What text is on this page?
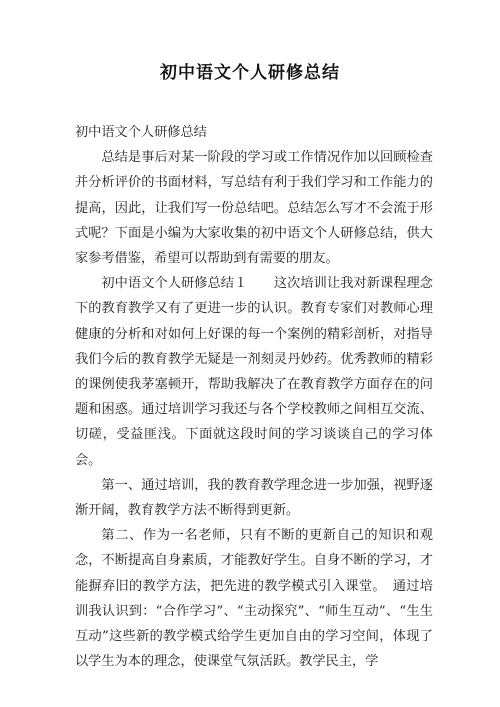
初中语文个人研修总结

初中语文个人研修总结

总结是事后对某一阶段的学习或工作情况作加以回顾检查并分析评价的书面材料，写总结有利于我们学习和工作能力的提高，因此，让我们写一份总结吧。总结怎么写才不会流于形式呢？下面是小编为大家收集的初中语文个人研修总结，供大家参考借鉴，希望可以帮助到有需要的朋友。

初中语文个人研修总结１　　这次培训让我对新课程理念下的教育教学又有了更进一步的认识。教育专家们对教师心理健康的分析和对如何上好课的每一个案例的精彩剖析，对指导我们今后的教育教学无疑是一剂刻灵丹妙药。优秀教师的精彩的课例使我茅塞顿开，帮助我解决了在教育教学方面存在的问题和困惑。通过培训学习我还与各个学校教师之间相互交流、切磋，受益匪浅。下面就这段时间的学习谈谈自己的学习体会。

第一、通过培训，我的教育教学理念进一步加强，视野逐渐开阔，教育教学方法不断得到更新。

第二、作为一名老师，只有不断的更新自己的知识和观念，不断提高自身素质，才能教好学生。自身不断的学习，才能摒弃旧的教学方法，把先进的教学模式引入课堂。　通过培训我认识到：“合作学习”、“主动探究”、“师生互动”、“生生互动”这些新的教学模式给学生更加自由的学习空间，体现了以学生为本的理念，使课堂气氛活跃。教学民主，学
